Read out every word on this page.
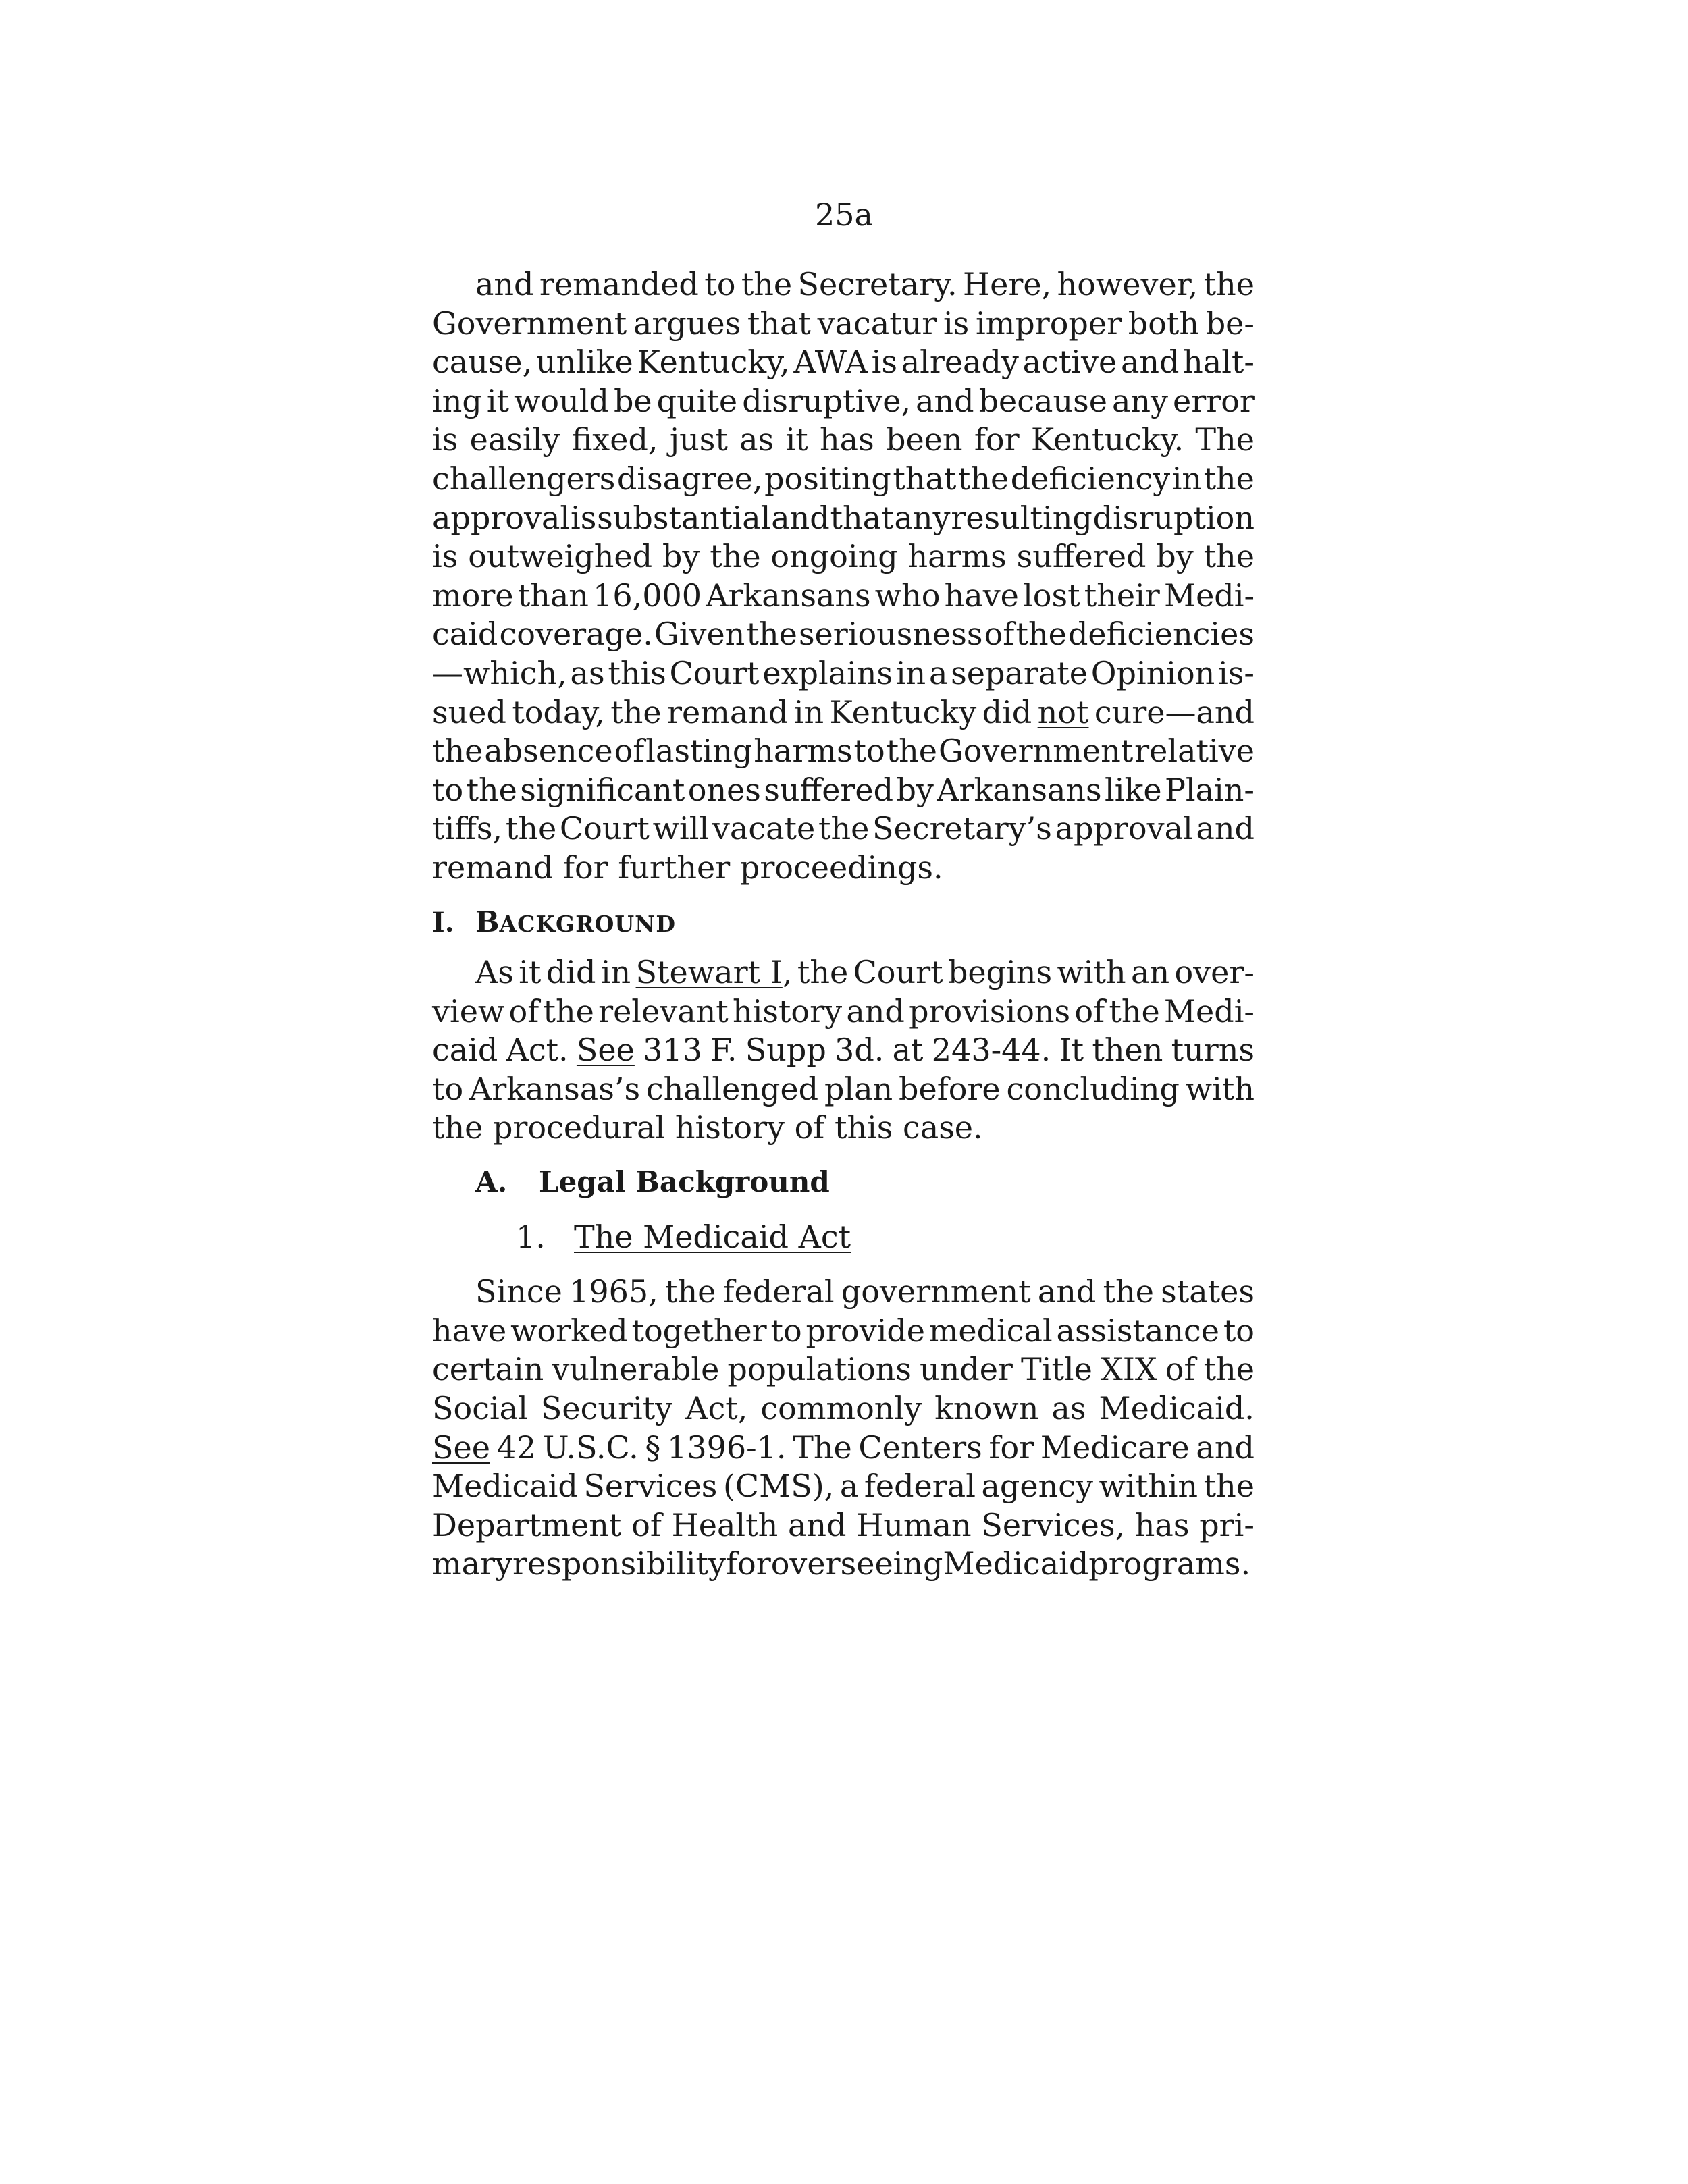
25a
and remanded to the Secretary. Here, however, the
Government argues that vacatur is improper both be-
cause, unlike Kentucky, AWA is already active and halt-
ing it would be quite disruptive, and because any error
is easily fixed, just as it has been for Kentucky. The
challengers disagree, positing that the deficiency in the
approval is substantial and that any resulting disruption
is outweighed by the ongoing harms suffered by the
more than 16,000 Arkansans who have lost their Medi-
caid coverage. Given the seriousness of the deficiencies
—which, as this Court explains in a separate Opinion is-
sued today, the remand in Kentucky did not cure—and
the absence of lasting harms to the Government relative
to the significant ones suffered by Arkansans like Plain-
tiffs, the Court will vacate the Secretary’s approval and
remand for further proceedings.
I. BACKGROUND
As it did in Stewart I, the Court begins with an over-
view of the relevant history and provisions of the Medi-
caid Act. See 313 F. Supp 3d. at 243-44. It then turns
to Arkansas’s challenged plan before concluding with
the procedural history of this case.
A.	Legal Background
1. The Medicaid Act
Since 1965, the federal government and the states
have worked together to provide medical assistance to
certain vulnerable populations under Title XIX of the
Social Security Act, commonly known as Medicaid.
See 42 U.S.C. § 1396-1. The Centers for Medicare and
Medicaid Services (CMS), a federal agency within the
Department of Health and Human Services, has pri-
mary responsibility for overseeing Medicaid programs.
